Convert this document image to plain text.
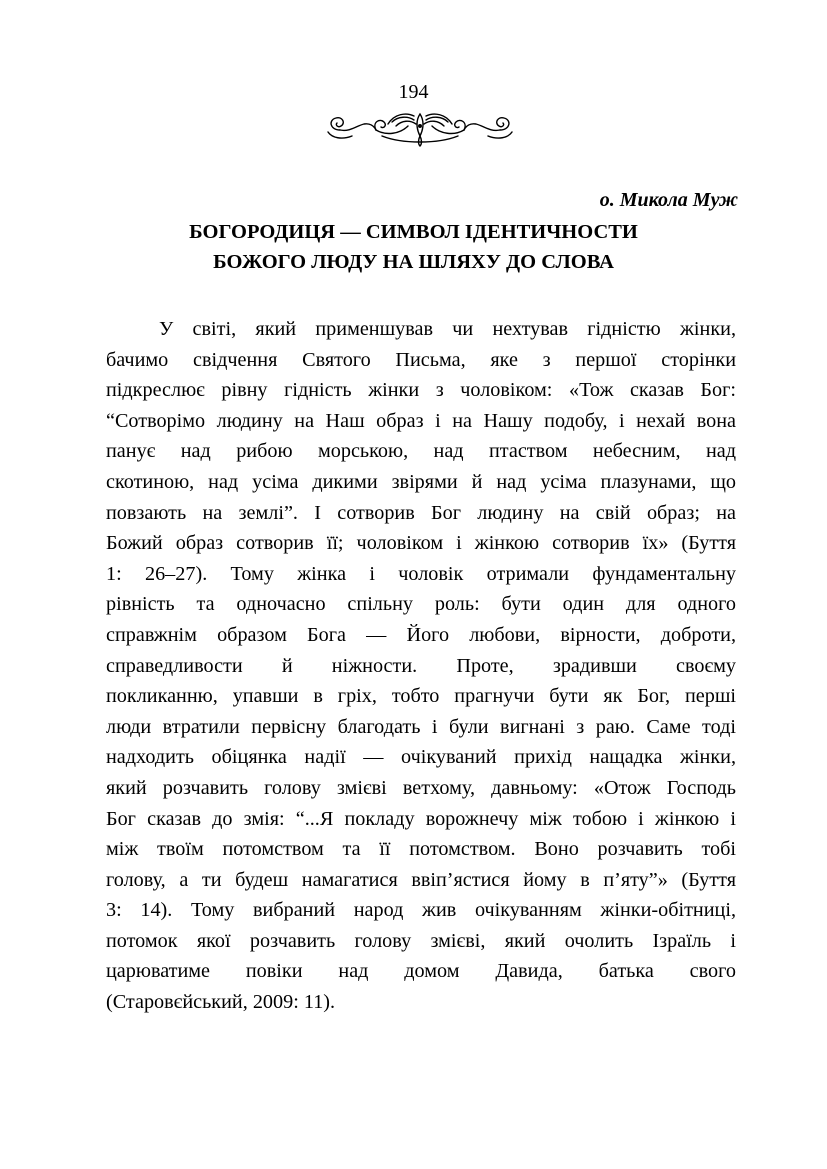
194
о. Микола Муж
БОГОРОДИЦЯ — СИМВОЛ ІДЕНТИЧНОСТИ
БОЖОГО ЛЮДУ НА ШЛЯХУ ДО СЛОВА
У світі, який применшував чи нехтував гідністю жінки,
бачимо свідчення Святого Письма, яке з першої сторінки
підкреслює рівну гідність жінки з чоловіком: «Тож сказав Бог:
“Сотворімо людину на Наш образ і на Нашу подобу, і нехай вона
панує над рибою морською, над птаством небесним, над
скотиною, над усіма дикими звірями й над усіма плазунами, що
повзають на землі”. І сотворив Бог людину на свій образ; на
Божий образ сотворив її; чоловіком і жінкою сотворив їх» (Буття
1: 26–27). Тому жінка і чоловік отримали фундаментальну
рівність та одночасно спільну роль: бути один для одного
справжнім образом Бога — Його любови, вірности, доброти,
справедливости й ніжности. Проте, зрадивши своєму
покликанню, упавши в гріх, тобто прагнучи бути як Бог, перші
люди втратили первісну благодать і були вигнані з раю. Саме тоді
надходить обіцянка надії — очікуваний прихід нащадка жінки,
який розчавить голову змієві ветхому, давньому: «Отож Господь
Бог сказав до змія: “...Я покладу ворожнечу між тобою і жінкою і
між твоїм потомством та її потомством. Воно розчавить тобі
голову, а ти будеш намагатися ввіп’ястися йому в п’яту”» (Буття
3: 14). Тому вибраний народ жив очікуванням жінки-обітниці,
потомок якої розчавить голову змієві, який очолить Ізраїль і
царюватиме повіки над домом Давида, батька свого
(Старовєйський, 2009: 11).
